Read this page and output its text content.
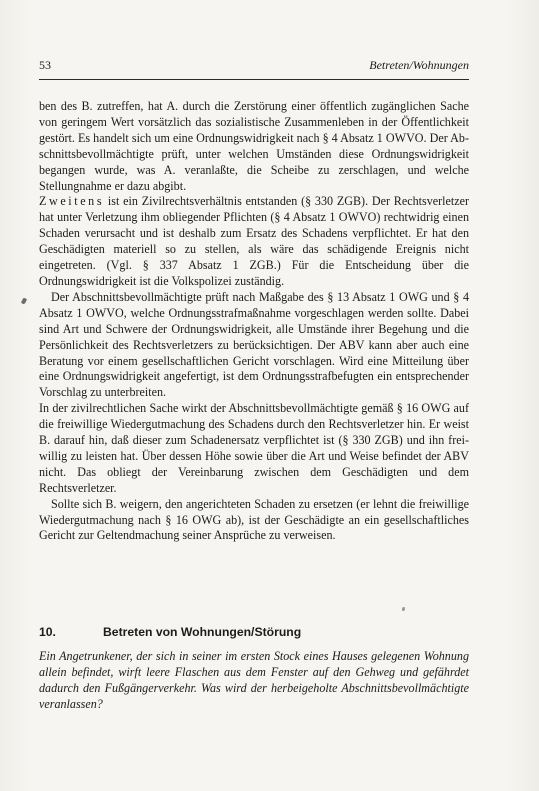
53	Betreten/Wohnungen

ben des B. zutreffen, hat A. durch die Zerstörung einer öffentlich zugänglichen Sache von geringem Wert vorsätzlich das sozialistische Zusammenleben in der Öffentlichkeit gestört. Es handelt sich um eine Ordnungswidrigkeit nach § 4 Absatz 1 OWVO. Der Abschnittsbevollmächtigte prüft, unter welchen Umständen diese Ordnungswidrigkeit begangen wurde, was A. veranlaßte, die Scheibe zu zerschlagen, und welche Stellungnahme er dazu abgibt.

Zweitens ist ein Zivilrechtsverhältnis entstanden (§ 330 ZGB). Der Rechtsverletzer hat unter Verletzung ihm obliegender Pflichten (§ 4 Absatz 1 OWVO) rechtwidrig einen Schaden verursacht und ist deshalb zum Ersatz des Schadens verpflichtet. Er hat den Geschädigten materiell so zu stellen, als wäre das schädigende Ereignis nicht eingetreten. (Vgl. § 337 Absatz 1 ZGB.) Für die Entscheidung über die Ordnungswidrigkeit ist die Volkspolizei zuständig.

Der Abschnittsbevollmächtigte prüft nach Maßgabe des § 13 Absatz 1 OWG und § 4 Absatz 1 OWVO, welche Ordnungsstrafmaßnahme vorgeschlagen werden sollte. Dabei sind Art und Schwere der Ordnungswidrigkeit, alle Umstände ihrer Begehung und die Persönlichkeit des Rechtsverletzers zu berücksichtigen. Der ABV kann aber auch eine Beratung vor einem gesellschaftlichen Gericht vorschlagen. Wird eine Mitteilung über eine Ordnungswidrigkeit angefertigt, ist dem Ordnungsstrafbefugten ein entsprechender Vorschlag zu unterbreiten.

In der zivilrechtlichen Sache wirkt der Abschnittsbevollmächtigte gemäß § 16 OWG auf die freiwillige Wiedergutmachung des Schadens durch den Rechtsverletzer hin. Er weist B. darauf hin, daß dieser zum Schadenersatz verpflichtet ist (§ 330 ZGB) und ihn freiwillig zu leisten hat. Über dessen Höhe sowie über die Art und Weise befindet der ABV nicht. Das obliegt der Vereinbarung zwischen dem Geschädigten und dem Rechtsverletzer.

Sollte sich B. weigern, den angerichteten Schaden zu ersetzen (er lehnt die freiwillige Wiedergutmachung nach § 16 OWG ab), ist der Geschädigte an ein gesellschaftliches Gericht zur Geltendmachung seiner Ansprüche zu verweisen.

10.	Betreten von Wohnungen/Störung
Ein Angetrunkener, der sich in seiner im ersten Stock eines Hauses gelegenen Wohnung allein befindet, wirft leere Flaschen aus dem Fenster auf den Gehweg und gefährdet dadurch den Fußgängerverkehr. Was wird der herbeigeholte Abschnittsbevollmächtigte veranlassen?
